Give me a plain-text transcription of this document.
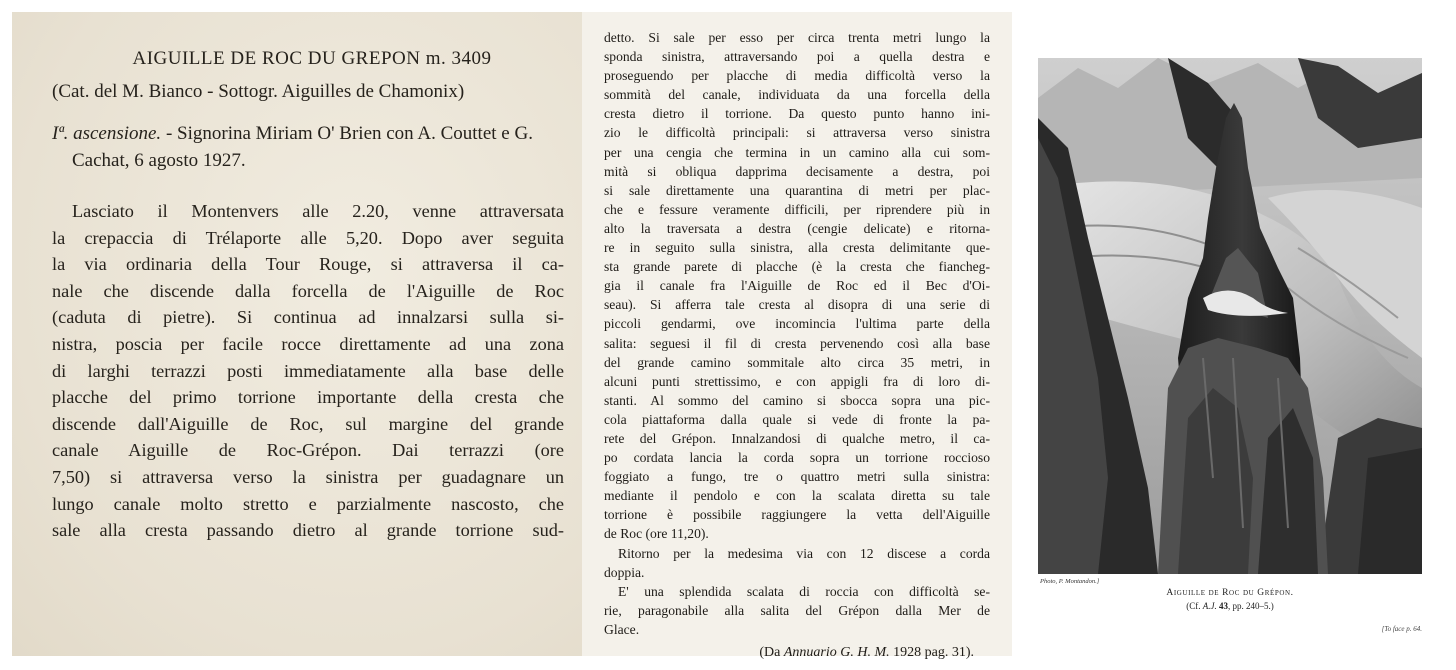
AIGUILLE DE ROC DU GREPON m. 3409
(Cat. del M. Bianco - Sottogr. Aiguilles de Chamonix)
Iª. ascensione. - Signorina Miriam O' Brien con A. Couttet e G. Cachat, 6 agosto 1927.
Lasciato il Montenvers alle 2.20, venne attraversata
la crepaccia di Trélaporte alle 5,20. Dopo aver seguita
la via ordinaria della Tour Rouge, si attraversa il ca-
nale che discende dalla forcella de l'Aiguille de Roc
(caduta di pietre). Si continua ad innalzarsi sulla si-
nistra, poscia per facile rocce direttamente ad una zona
di larghi terrazzi posti immediatamente alla base delle
placche del primo torrione importante della cresta che
discende dall'Aiguille de Roc, sul margine del grande
canale Aiguille de Roc-Grépon. Dai terrazzi (ore
7,50) si attraversa verso la sinistra per guadagnare un
lungo canale molto stretto e parzialmente nascosto, che
sale alla cresta passando dietro al grande torrione sud-
detto. Si sale per esso per circa trenta metri lungo la
sponda sinistra, attraversando poi a quella destra e
proseguendo per placche di media difficoltà verso la
sommità del canale, individuata da una forcella della
cresta dietro il torrione. Da questo punto hanno ini-
zio le difficoltà principali: si attraversa verso sinistra
per una cengia che termina in un camino alla cui som-
mità si obliqua dapprima decisamente a destra, poi
si sale direttamente una quarantina di metri per plac-
che e fessure veramente difficili, per riprendere più in
alto la traversata a destra (cengie delicate) e ritorna-
re in seguito sulla sinistra, alla cresta delimitante que-
sta grande parete di placche (è la cresta che fiancheg-
gia il canale fra l'Aiguille de Roc ed il Bec d'Oi-
seau). Si afferra tale cresta al disopra di una serie di
piccoli gendarmi, ove incomincia l'ultima parte della
salita: seguesi il fil di cresta pervenendo così alla base
del grande camino sommitale alto circa 35 metri, in
alcuni punti strettissimo, e con appigli fra di loro di-
stanti. Al sommo del camino si sbocca sopra una pic-
cola piattaforma dalla quale si vede di fronte la pa-
rete del Grépon. Innalzandosi di qualche metro, il ca-
po cordata lancia la corda sopra un torrione roccioso
foggiato a fungo, tre o quattro metri sulla sinistra:
mediante il pendolo e con la scalata diretta su tale
torrione è possibile raggiungere la vetta dell'Aiguille
de Roc (ore 11,20).
Ritorno per la medesima via con 12 discese a corda
doppia.
E' una splendida scalata di roccia con difficoltà se-
rie, paragonabile alla salita del Grépon dalla Mer de
Glace.
(Da Annuario G. H. M. 1928 pag. 31).
Photo, P. Montandon.]
Aiguille de Roc du Grépon.
(Cf. A.J. 43, pp. 240–5.)
[To face p. 64.
